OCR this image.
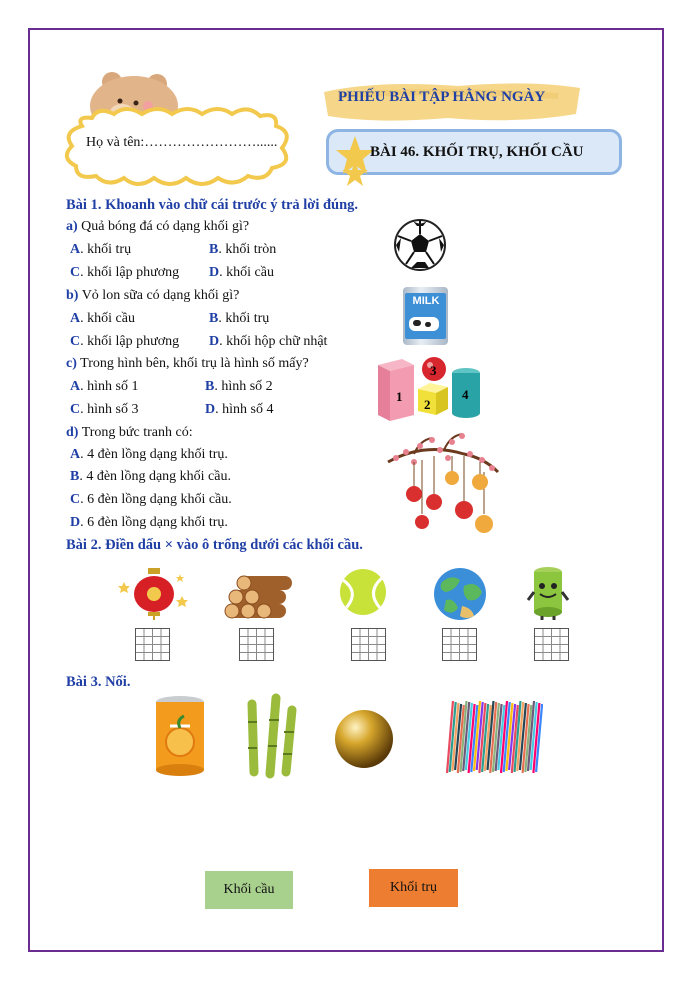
Họ và tên:……………………......
PHIẾU BÀI TẬP HẰNG NGÀY
BÀI 46. KHỐI TRỤ, KHỐI CẦU
Bài 1. Khoanh vào chữ cái trước ý trả lời đúng.
a) Quả bóng đá có dạng khối gì?
A. khối trụ	B. khối tròn
C. khối lập phương D. khối cầu
b) Vỏ lon sữa có dạng khối gì?
A. khối cầu	B. khối trụ
C. khối lập phương D. khối hộp chữ nhật
MILK
c) Trong hình bên, khối trụ là hình số mấy?
A. hình số 1	B. hình số 2
C. hình số 3	D. hình số 4
1
2
3
4
d) Trong bức tranh có:
A. 4 đèn lồng dạng khối trụ.
B. 4 đèn lồng dạng khối cầu.
C. 6 đèn lồng dạng khối cầu.
D. 6 đèn lồng dạng khối trụ.
Bài 2. Điền dấu × vào ô trống dưới các khối cầu.
Bài 3. Nối.
Khối cầu	Khối trụ
